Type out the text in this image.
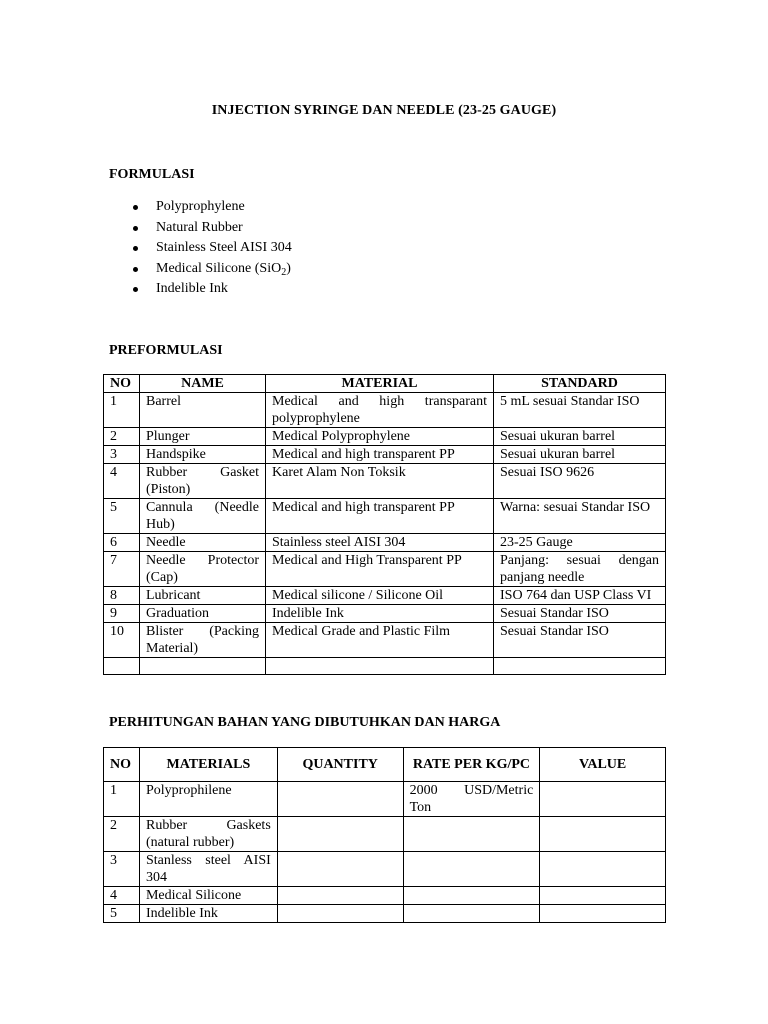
INJECTION SYRINGE DAN NEEDLE (23-25 GAUGE)

FORMULASI

Polyprophylene
Natural Rubber
Stainless Steel AISI 304
Medical Silicone (SiO$_2$)
Indelible Ink

PREFORMULASI

NO	NAME	MATERIAL	STANDARD
1	Barrel	Medical and high transparant polyprophylene	5 mL sesuai Standar ISO
2	Plunger	Medical Polyprophylene	Sesuai ukuran barrel
3	Handspike	Medical and high transparent PP	Sesuai ukuran barrel
4	Rubber Gasket (Piston)	Karet Alam Non Toksik	Sesuai ISO 9626
5	Cannula (Needle Hub)	Medical and high transparent PP	Warna: sesuai Standar ISO
6	Needle	Stainless steel AISI 304	23-25 Gauge
7	Needle Protector (Cap)	Medical and High Transparent PP	Panjang: sesuai dengan panjang needle
8	Lubricant	Medical silicone / Silicone Oil	ISO 764 dan USP Class VI
9	Graduation	Indelible Ink	Sesuai Standar ISO
10	Blister (Packing Material)	Medical Grade and Plastic Film	Sesuai Standar ISO

PERHITUNGAN BAHAN YANG DIBUTUHKAN DAN HARGA

NO	MATERIALS	QUANTITY	RATE PER KG/PC	VALUE
1	Polyprophilene		2000 USD/Metric Ton	
2	Rubber Gaskets (natural rubber)			
3	Stanless steel AISI 304			
4	Medical Silicone			
5	Indelible Ink			
